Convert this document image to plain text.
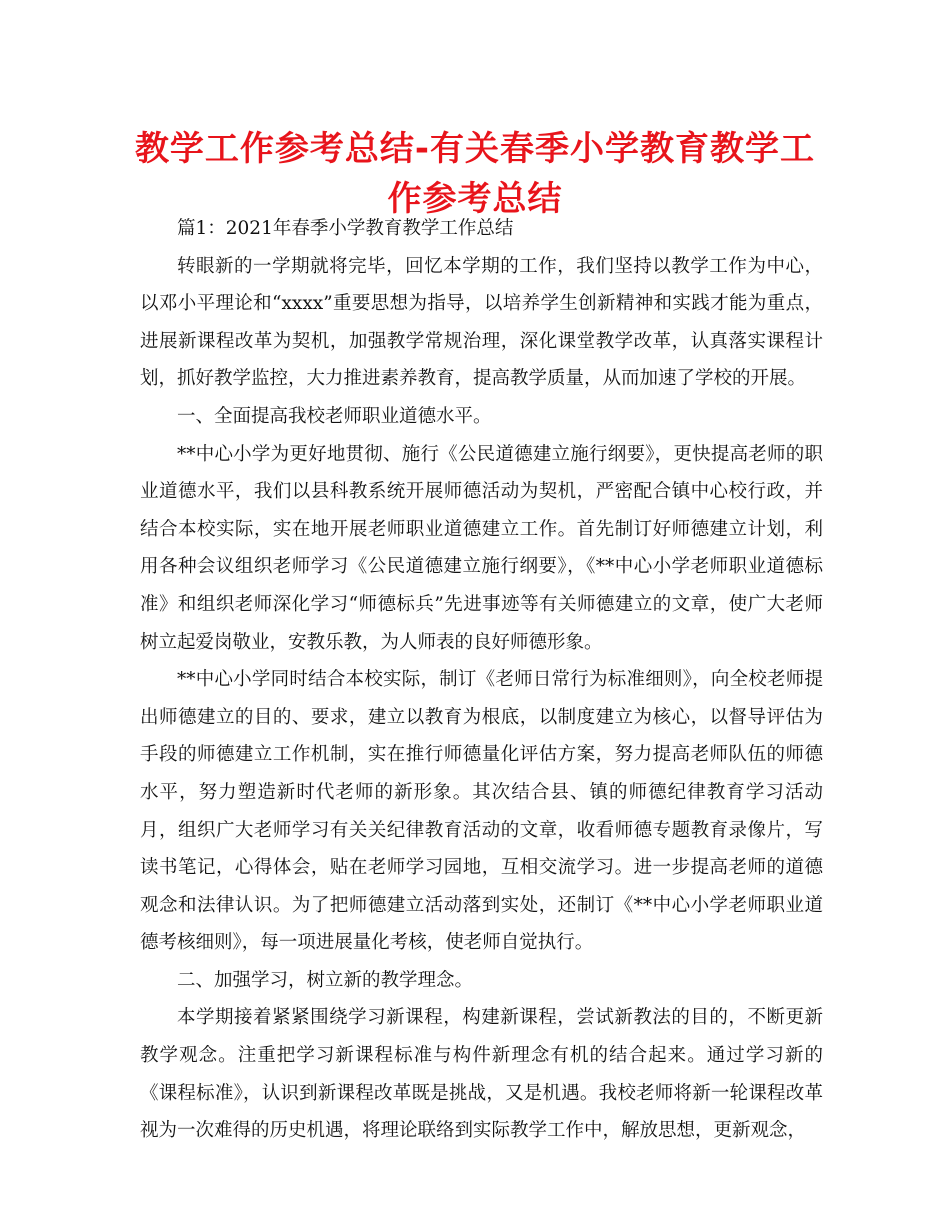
教学工作参考总结-有关春季小学教育教学工作参考总结

篇1：2021年春季小学教育教学工作总结

转眼新的一学期就将完毕，回忆本学期的工作，我们坚持以教学工作为中心，以邓小平理论和“xxxx”重要思想为指导，以培养学生创新精神和实践才能为重点，进展新课程改革为契机，加强教学常规治理，深化课堂教学改革，认真落实课程计划，抓好教学监控，大力推进素养教育，提高教学质量，从而加速了学校的开展。

一、全面提高我校老师职业道德水平。

**中心小学为更好地贯彻、施行《公民道德建立施行纲要》，更快提高老师的职业道德水平，我们以县科教系统开展师德活动为契机，严密配合镇中心校行政，并结合本校实际，实在地开展老师职业道德建立工作。首先制订好师德建立计划，利用各种会议组织老师学习《公民道德建立施行纲要》，《**中心小学老师职业道德标准》和组织老师深化学习“师德标兵”先进事迹等有关师德建立的文章，使广大老师树立起爱岗敬业，安教乐教，为人师表的良好师德形象。

**中心小学同时结合本校实际，制订《老师日常行为标准细则》，向全校老师提出师德建立的目的、要求，建立以教育为根底，以制度建立为核心，以督导评估为手段的师德建立工作机制，实在推行师德量化评估方案，努力提高老师队伍的师德水平，努力塑造新时代老师的新形象。其次结合县、镇的师德纪律教育学习活动月，组织广大老师学习有关关纪律教育活动的文章，收看师德专题教育录像片，写读书笔记，心得体会，贴在老师学习园地，互相交流学习。进一步提高老师的道德观念和法律认识。为了把师德建立活动落到实处，还制订《**中心小学老师职业道德考核细则》，每一项进展量化考核，使老师自觉执行。

二、加强学习，树立新的教学理念。

本学期接着紧紧围绕学习新课程，构建新课程，尝试新教法的目的，不断更新教学观念。注重把学习新课程标准与构件新理念有机的结合起来。通过学习新的《课程标准》，认识到新课程改革既是挑战，又是机遇。我校老师将新一轮课程改革视为一次难得的历史机遇，将理论联络到实际教学工作中，解放思想，更新观念，
